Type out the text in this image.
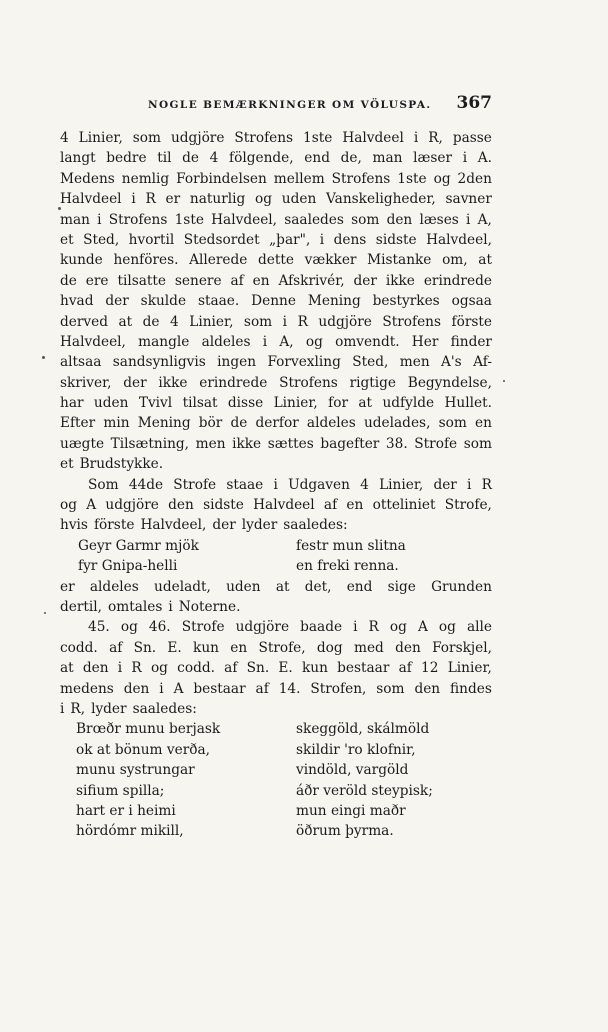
NOGLE BEMÆRKNINGER OM VÖLUSPA. 367
4 Linier, som udgjöre Strofens 1ste Halvdeel i R, passe
langt bedre til de 4 fölgende, end de, man læser i A.
Medens nemlig Forbindelsen mellem Strofens 1ste og 2den
Halvdeel i R er naturlig og uden Vanskeligheder, savner
man i Strofens 1ste Halvdeel, saaledes som den læses i A,
et Sted, hvortil Stedsordet „þar", i dens sidste Halvdeel,
kunde henföres. Allerede dette vækker Mistanke om, at
de ere tilsatte senere af en Afskrivér, der ikke erindrede
hvad der skulde staae. Denne Mening bestyrkes ogsaa
derved at de 4 Linier, som i R udgjöre Strofens förste
Halvdeel, mangle aldeles i A, og omvendt. Her finder
altsaa sandsynligvis ingen Forvexling Sted, men A's Af-
skriver, der ikke erindrede Strofens rigtige Begyndelse,
har uden Tvivl tilsat disse Linier, for at udfylde Hullet.
Efter min Mening bör de derfor aldeles udelades, som en
uægte Tilsætning, men ikke sættes bagefter 38. Strofe som
et Brudstykke.
Som 44de Strofe staae i Udgaven 4 Linier, der i R
og A udgjöre den sidste Halvdeel af en otteliniet Strofe,
hvis förste Halvdeel, der lyder saaledes:
Geyr Garmr mjök	festr mun slitna
fyr Gnipa-helli	en freki renna.
er aldeles udeladt, uden at det, end sige Grunden
dertil, omtales i Noterne.
45. og 46. Strofe udgjöre baade i R og A og alle
codd. af Sn. E. kun en Strofe, dog med den Forskjel,
at den i R og codd. af Sn. E. kun bestaar af 12 Linier,
medens den i A bestaar af 14. Strofen, som den findes
i R, lyder saaledes:
Brœðr munu berjask	skeggöld, skálmöld
ok at bönum verða,	skildir 'ro klofnir,
munu systrungar	vindöld, vargöld
sifium spilla;	áðr veröld steypisk;
hart er i heimi	mun eingi maðr
hördómr mikill,	öðrum þyrma.
